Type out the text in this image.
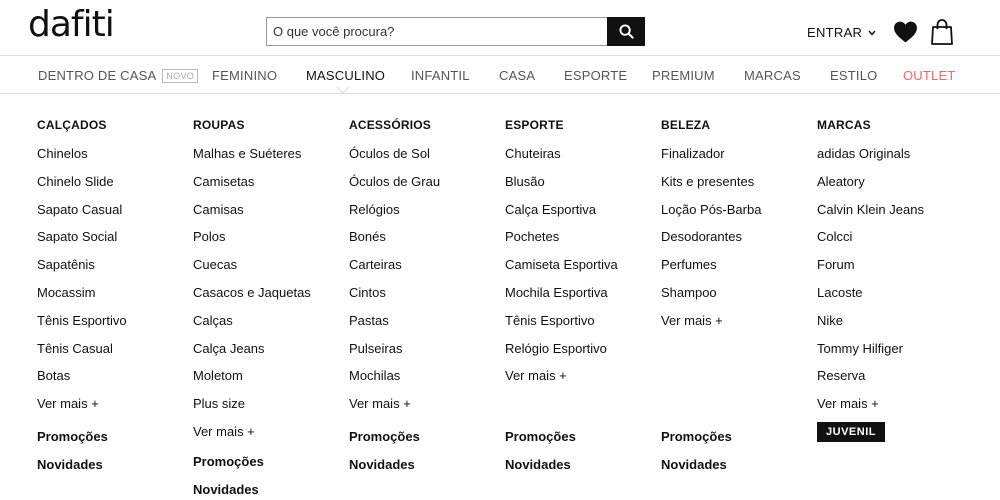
dafiti
O que você procura?	ENTRAR
DENTRO DE CASA NOVO	FEMININO MASCULINO INFANTIL CASA ESPORTE PREMIUM MARCAS ESTILO OUTLET
CALÇADOS
Chinelos
Chinelo Slide
Sapato Casual
Sapato Social
Sapatênis
Mocassim
Tênis Esportivo
Tênis Casual
Botas
Ver mais +
Promoções
Novidades
ROUPAS
Malhas e Suéteres
Camisetas
Camisas
Polos
Cuecas
Casacos e Jaquetas
Calças
Calça Jeans
Moletom
Plus size
Ver mais +
Promoções
Novidades
ACESSÓRIOS
Óculos de Sol
Óculos de Grau
Relógios
Bonés
Carteiras
Cintos
Pastas
Pulseiras
Mochilas
Ver mais +
Promoções
Novidades
ESPORTE
Chuteiras
Blusão
Calça Esportiva
Pochetes
Camiseta Esportiva
Mochila Esportiva
Tênis Esportivo
Relógio Esportivo
Ver mais +
Promoções
Novidades
BELEZA
Finalizador
Kits e presentes
Loção Pós-Barba
Desodorantes
Perfumes
Shampoo
Ver mais +
Promoções
Novidades
MARCAS
adidas Originals
Aleatory
Calvin Klein Jeans
Colcci
Forum
Lacoste
Nike
Tommy Hilfiger
Reserva
Ver mais +
JUVENIL
